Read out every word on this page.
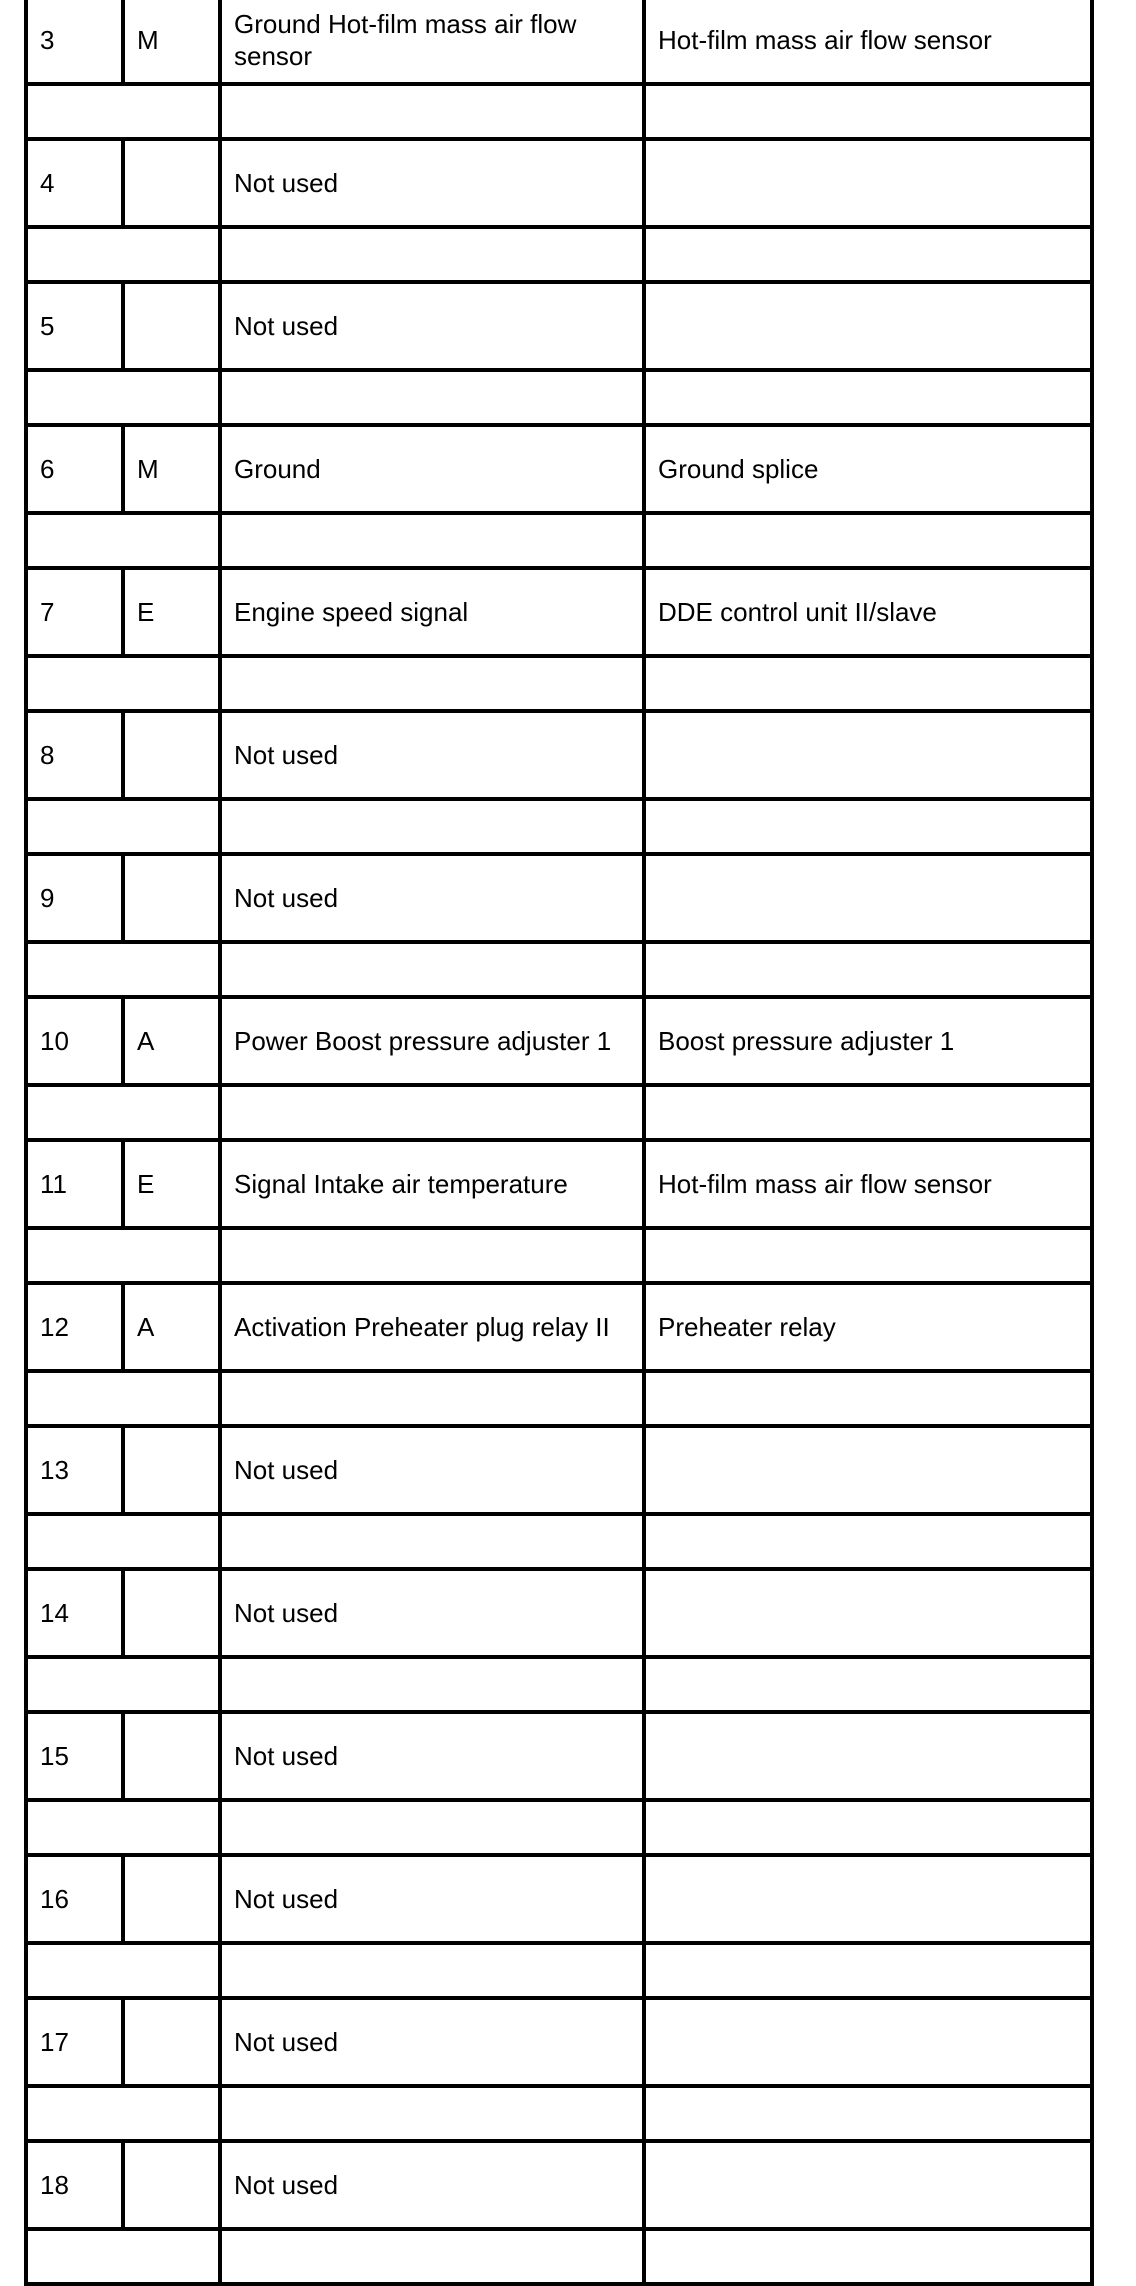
3	M	Ground Hot-film mass air flow sensor	Hot-film mass air flow sensor

4		Not used	

5		Not used	

6	M	Ground	Ground splice

7	E	Engine speed signal	DDE control unit II/slave

8		Not used	

9		Not used	

10	A	Power Boost pressure adjuster 1	Boost pressure adjuster 1

11	E	Signal Intake air temperature	Hot-film mass air flow sensor

12	A	Activation Preheater plug relay II	Preheater relay

13		Not used	

14		Not used	

15		Not used	

16		Not used	

17		Not used	

18		Not used	
